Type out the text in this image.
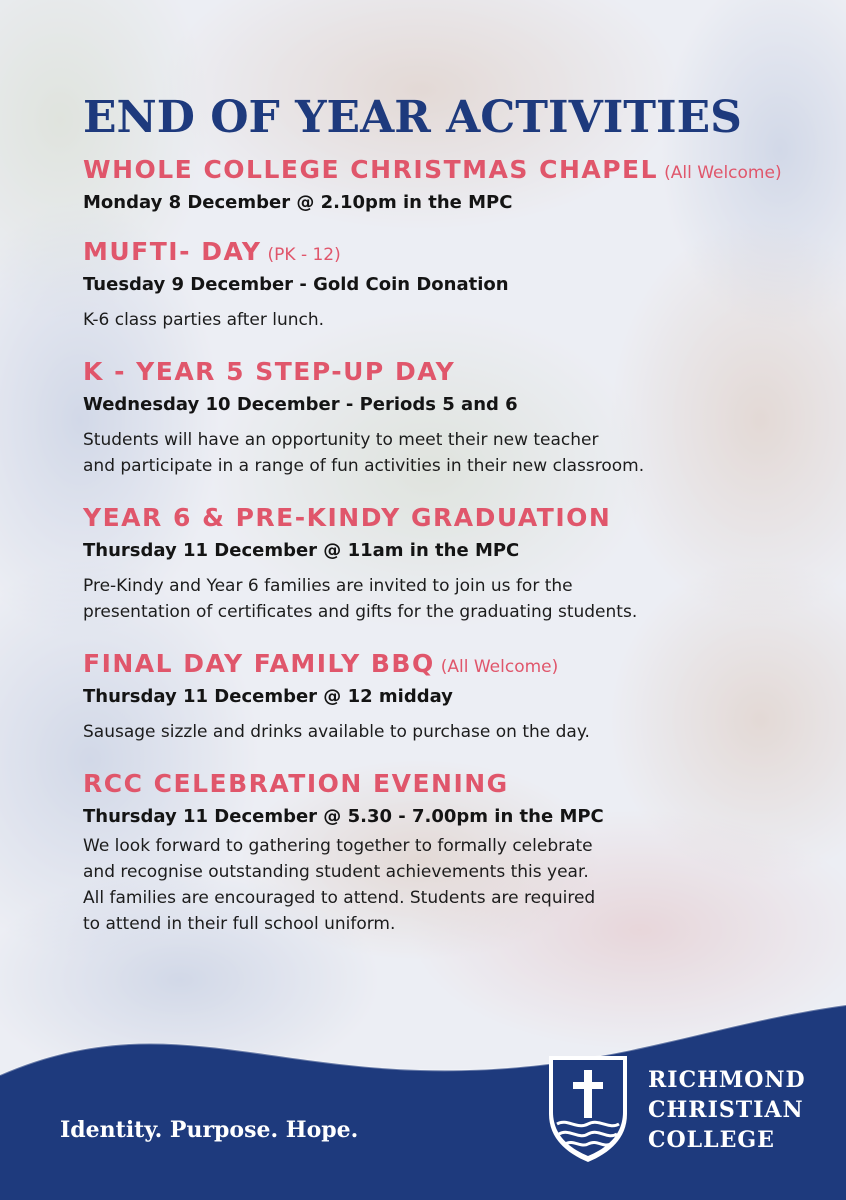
END OF YEAR ACTIVITIES

WHOLE COLLEGE CHRISTMAS CHAPEL (All Welcome)

Monday 8 December @ 2.10pm in the MPC

MUFTI- DAY (PK - 12)

Tuesday 9 December - Gold Coin Donation

K-6 class parties after lunch.

K - YEAR 5 STEP-UP DAY

Wednesday 10 December - Periods 5 and 6

Students will have an opportunity to meet their new teacher
and participate in a range of fun activities in their new classroom.

YEAR 6 & PRE-KINDY GRADUATION

Thursday 11 December @ 11am in the MPC

Pre-Kindy and Year 6 families are invited to join us for the
presentation of certificates and gifts for the graduating students.

FINAL DAY FAMILY BBQ (All Welcome)

Thursday 11 December @ 12 midday

Sausage sizzle and drinks available to purchase on the day.

RCC CELEBRATION EVENING

Thursday 11 December @ 5.30 - 7.00pm in the MPC

We look forward to gathering together to formally celebrate
and recognise outstanding student achievements this year.
All families are encouraged to attend. Students are required
to attend in their full school uniform.

Identity. Purpose. Hope.
RICHMOND
CHRISTIAN
COLLEGE
